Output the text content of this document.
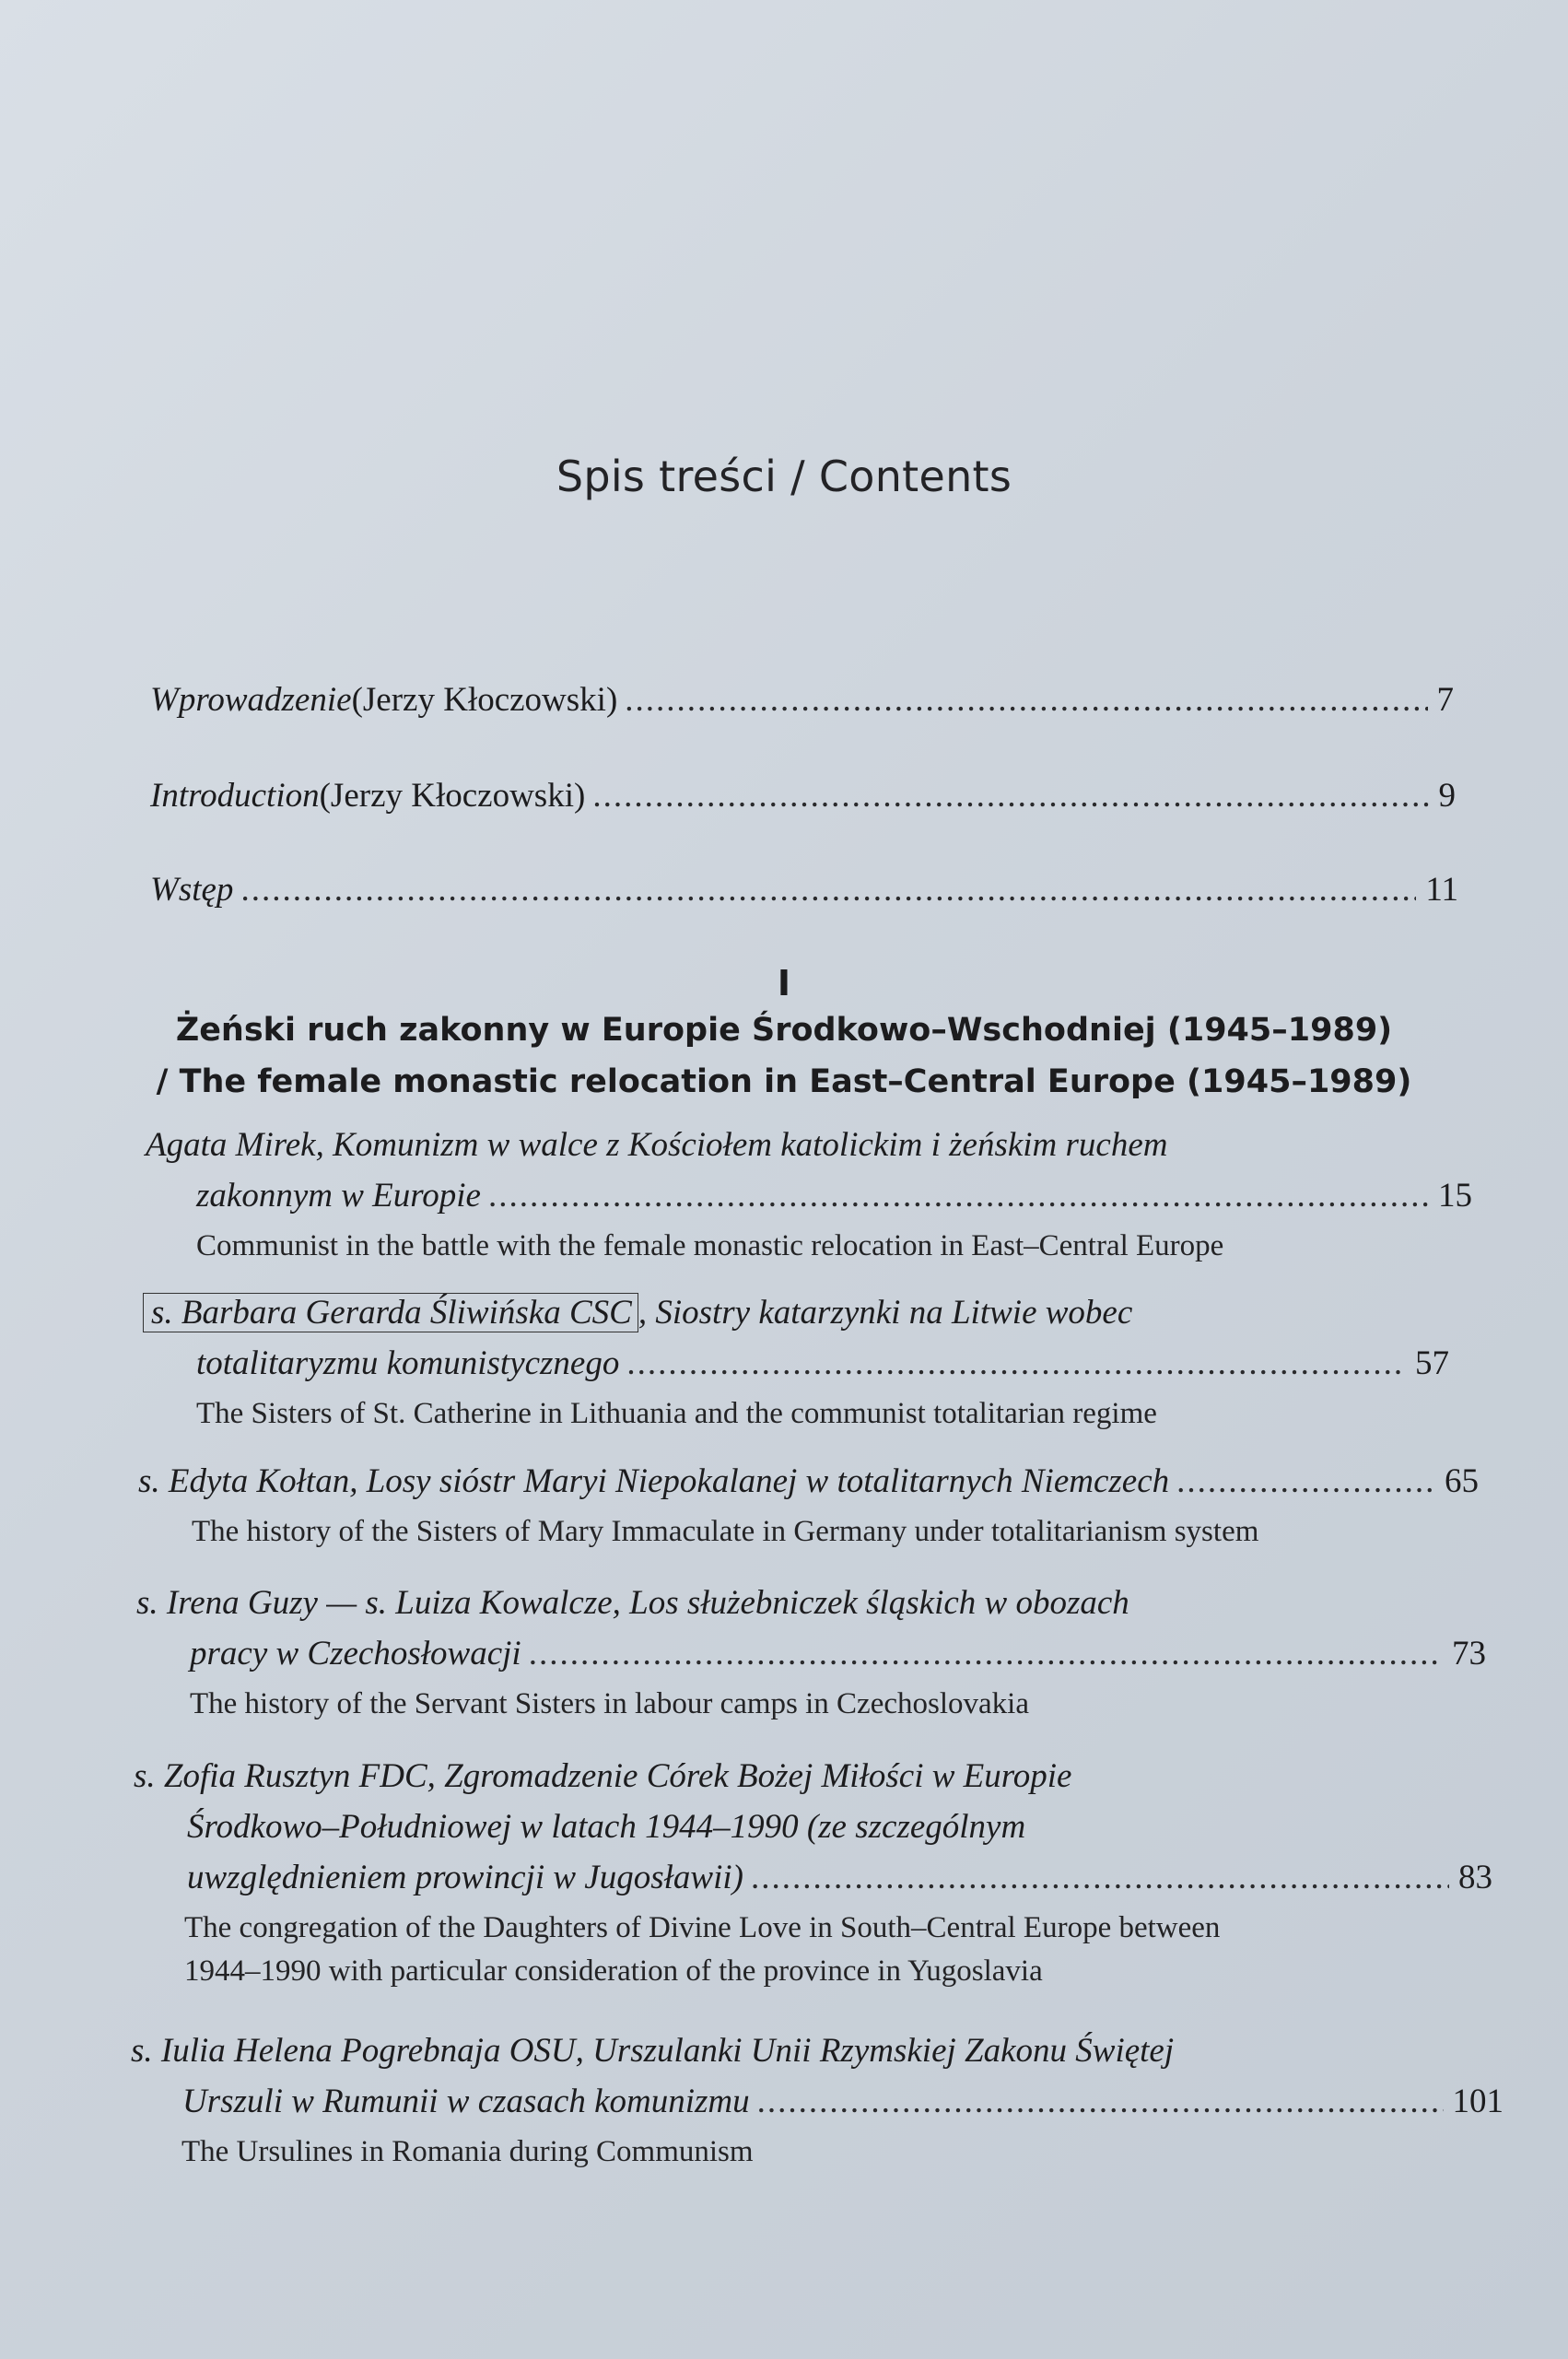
Spis treści / Contents
Wprowadzenie (Jerzy Kłoczowski) .....	7
Introduction (Jerzy Kłoczowski) .....	9
Wstęp .....	11
I
Żeński ruch zakonny w Europie Środkowo–Wschodniej (1945–1989)
/ The female monastic relocation in East–Central Europe (1945–1989)
Agata Mirek, Komunizm w walce z Kościołem katolickim i żeńskim ruchem
zakonnym w Europie .....	15
Communist in the battle with the female monastic relocation in East–Central Europe
s. Barbara Gerarda Śliwińska CSC , Siostry katarzynki na Litwie wobec
totalitaryzmu komunistycznego .....	57
The Sisters of St. Catherine in Lithuania and the communist totalitarian regime
s. Edyta Kołtan, Losy sióstr Maryi Niepokalanej w totalitarnych Niemczech .....	65
The history of the Sisters of Mary Immaculate in Germany under totalitarianism system
s. Irena Guzy — s. Luiza Kowalcze, Los służebniczek śląskich w obozach
pracy w Czechosłowacji .....	73
The history of the Servant Sisters in labour camps in Czechoslovakia
s. Zofia Rusztyn FDC, Zgromadzenie Córek Bożej Miłości w Europie
Środkowo–Południowej w latach 1944–1990 (ze szczególnym
uwzględnieniem prowincji w Jugosławii) .....	83
The congregation of the Daughters of Divine Love in South–Central Europe between
1944–1990 with particular consideration of the province in Yugoslavia
s. Iulia Helena Pogrebnaja OSU, Urszulanki Unii Rzymskiej Zakonu Świętej
Urszuli w Rumunii w czasach komunizmu .....	101
The Ursulines in Romania during Communism
